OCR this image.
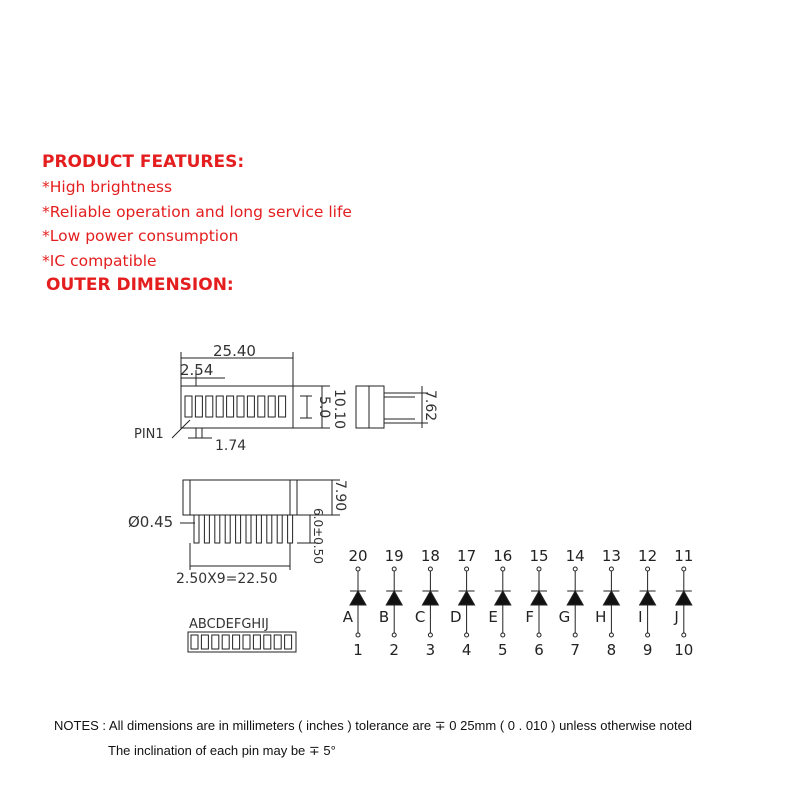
PRODUCT FEATURES:
*High brightness
*Reliable operation and long service life
*Low power consumption
*IC compatible
OUTER DIMENSION:
25.40
2.54
5.0 10.10
PIN1
1.74
7.62
7.90
6.0±0.50
Ø0.45
2.50X9=22.50
ABCDEFGHIJ
20
A
1
19
B
2
18
C
3
17
D
4
16
E
5
15
F
6
14
G
7
13
H
8
12
I
9
11
J
10
NOTES : All dimensions are in millimeters ( inches ) tolerance are ∓ 0 25mm ( 0 . 010 ) unless otherwise noted
The inclination of each pin may be ∓ 5°
